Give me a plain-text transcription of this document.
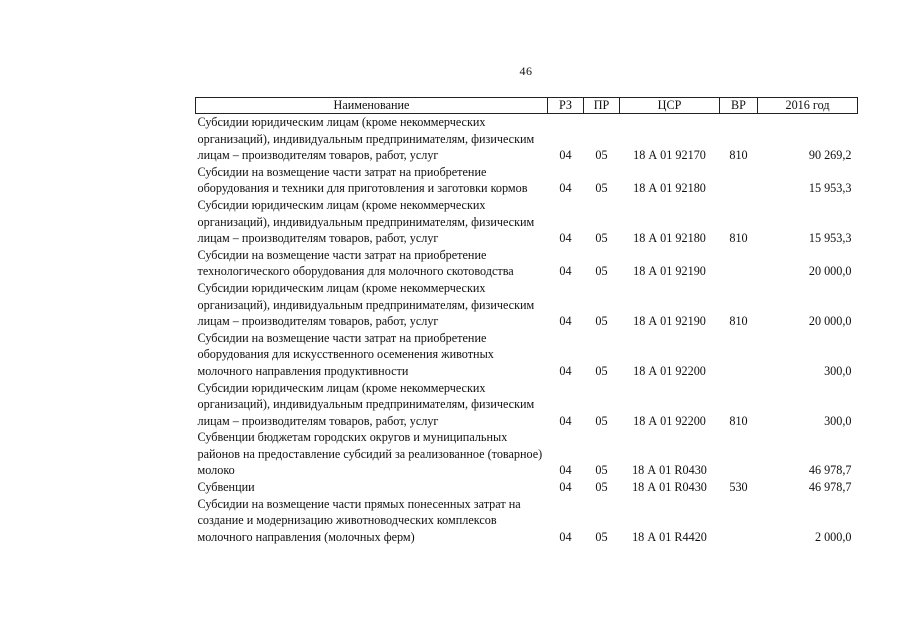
46
Наименование	РЗ	ПР	ЦСР	ВР	2016 год
Субсидии юридическим лицам (кроме некоммерческих организаций), индивидуальным предпринимателям, физическим лицам – производителям товаров, работ, услуг	04	05	18 А 01 92170	810	90 269,2
Субсидии на возмещение части затрат на приобретение оборудования и техники для приготовления и заготовки кормов	04	05	18 А 01 92180		15 953,3
Субсидии юридическим лицам (кроме некоммерческих организаций), индивидуальным предпринимателям, физическим лицам – производителям товаров, работ, услуг	04	05	18 А 01 92180	810	15 953,3
Субсидии на возмещение части затрат на приобретение технологического оборудования для молочного скотоводства	04	05	18 А 01 92190		20 000,0
Субсидии юридическим лицам (кроме некоммерческих организаций), индивидуальным предпринимателям, физическим лицам – производителям товаров, работ, услуг	04	05	18 А 01 92190	810	20 000,0
Субсидии на возмещение части затрат на приобретение оборудования для искусственного осеменения животных молочного направления продуктивности	04	05	18 А 01 92200		300,0
Субсидии юридическим лицам (кроме некоммерческих организаций), индивидуальным предпринимателям, физическим лицам – производителям товаров, работ, услуг	04	05	18 А 01 92200	810	300,0
Субвенции бюджетам городских округов и муниципальных районов на предоставление субсидий за реализованное (товарное) молоко	04	05	18 А 01 R0430		46 978,7
Субвенции	04	05	18 А 01 R0430	530	46 978,7
Субсидии на возмещение части прямых понесенных затрат на создание и модернизацию животноводческих комплексов молочного направления (молочных ферм)	04	05	18 А 01 R4420		2 000,0
